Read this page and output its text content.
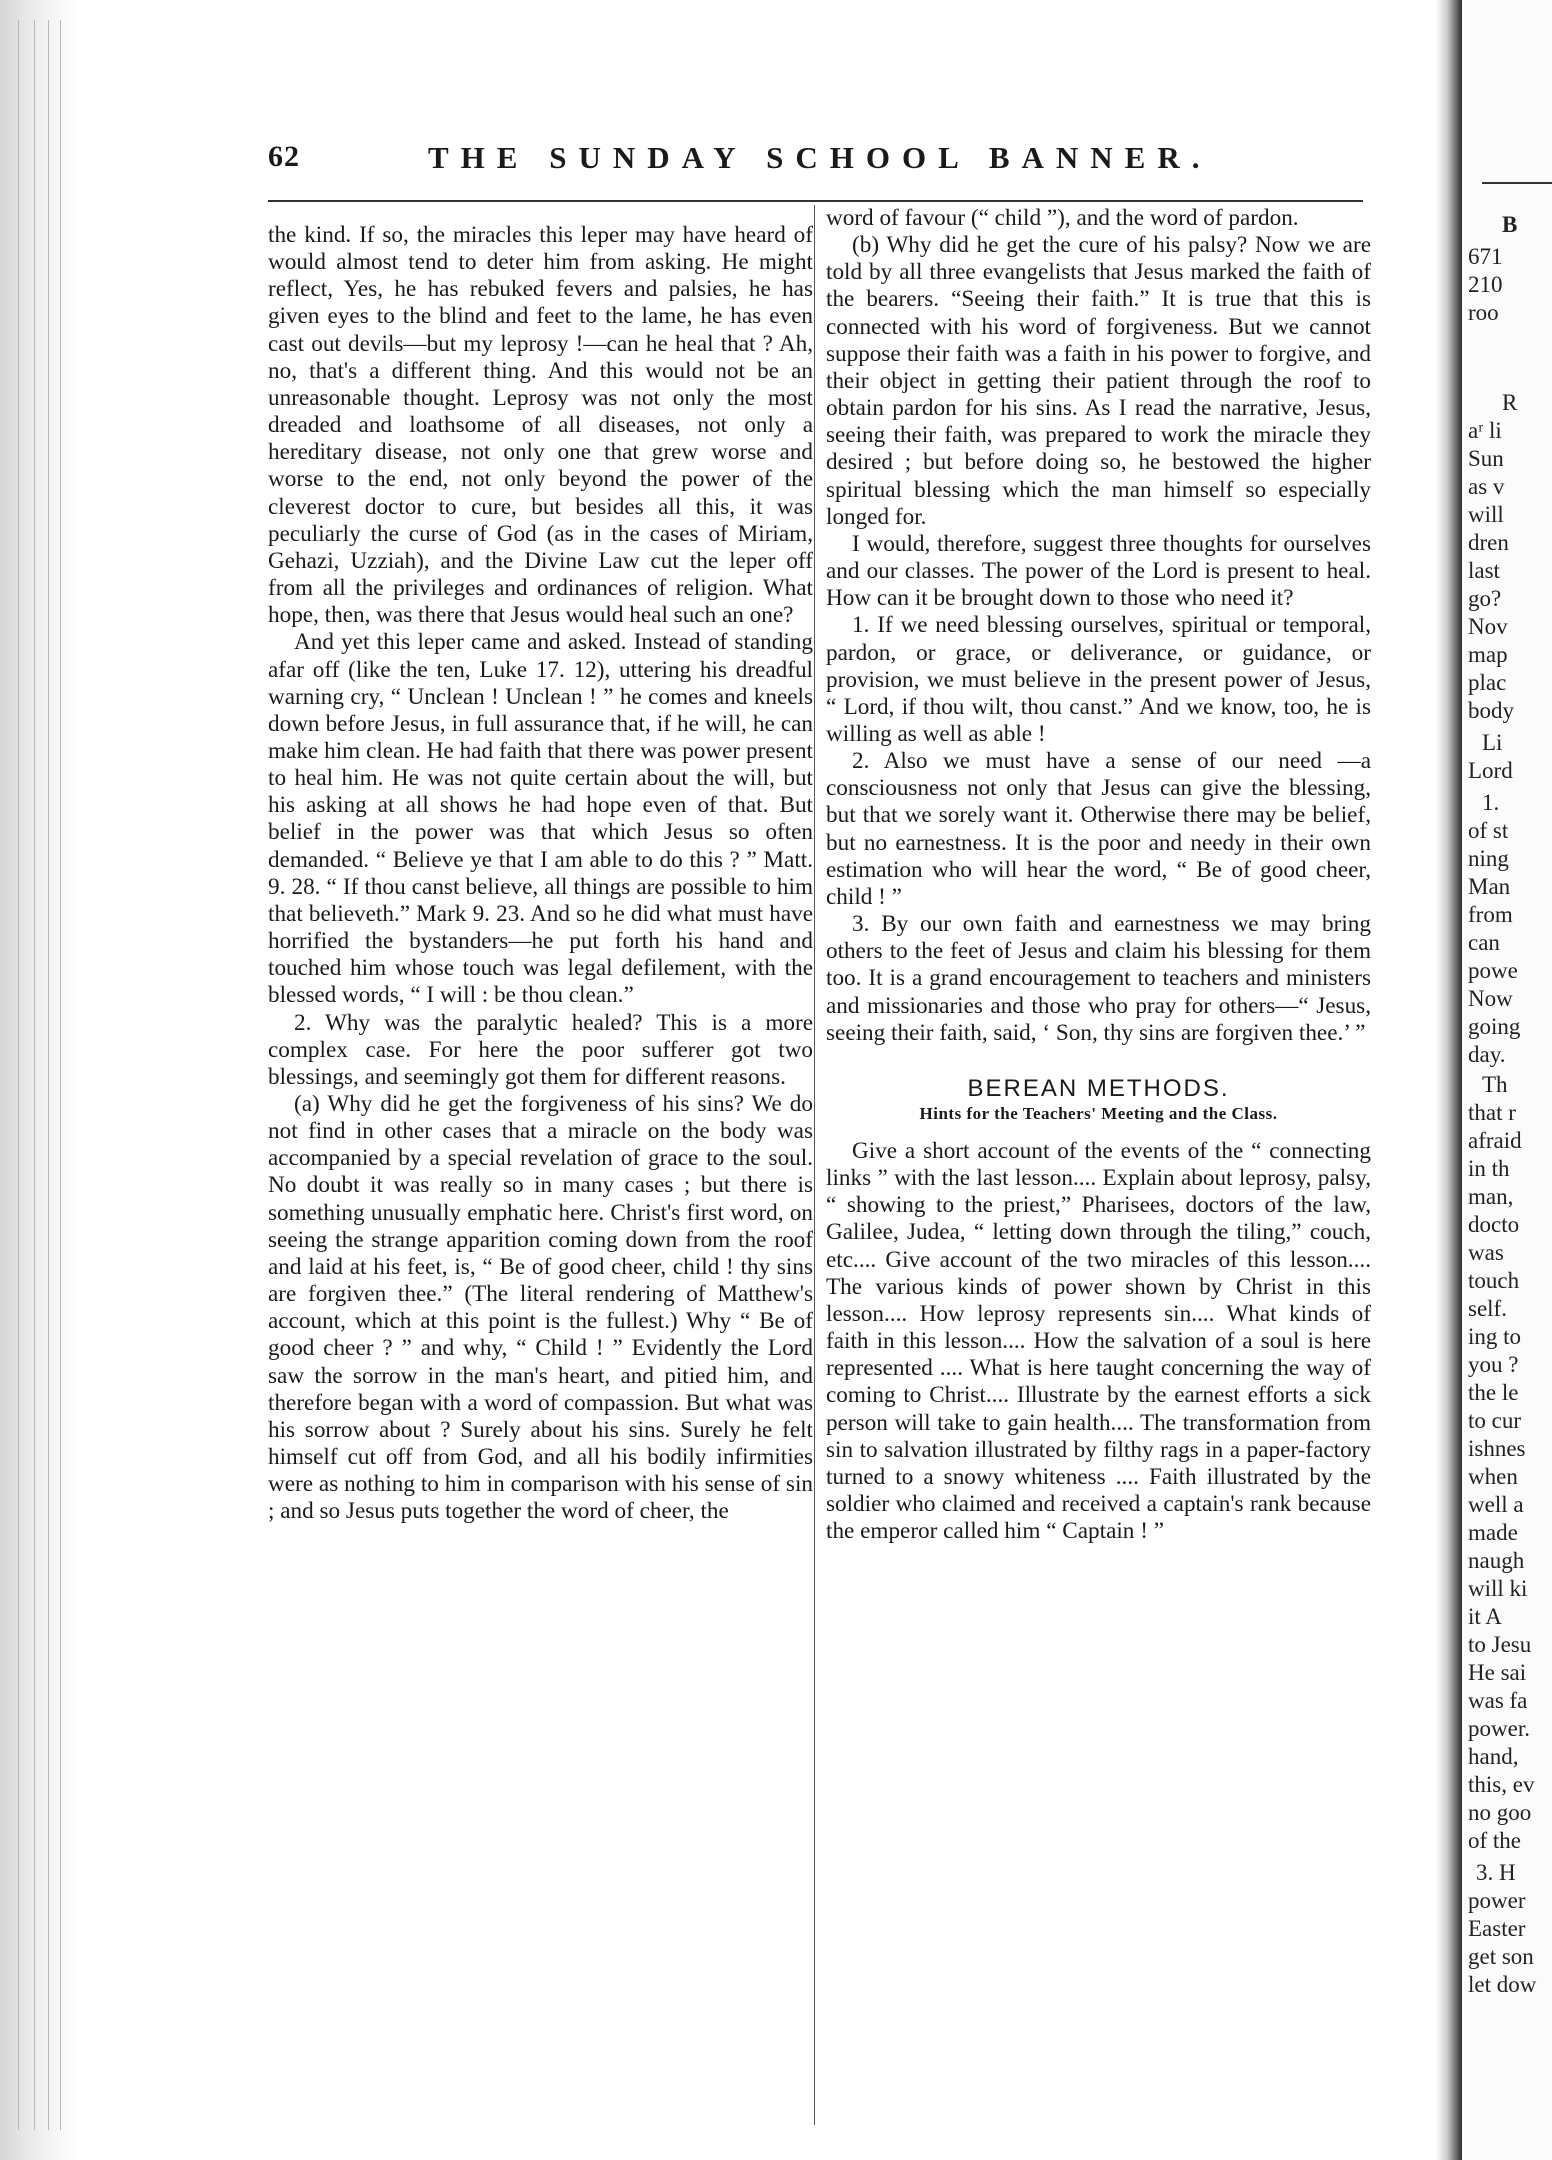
62	THE SUNDAY SCHOOL BANNER.

the kind. If so, the miracles this leper may have heard of would almost tend to deter him from asking. He might reflect, Yes, he has rebuked fevers and palsies, he has given eyes to the blind and feet to the lame, he has even cast out devils—but my leprosy !—can he heal that ? Ah, no, that's a different thing. And this would not be an unreasonable thought. Leprosy was not only the most dreaded and loathsome of all diseases, not only a hereditary disease, not only one that grew worse and worse to the end, not only beyond the power of the cleverest doctor to cure, but besides all this, it was peculiarly the curse of God (as in the cases of Miriam, Gehazi, Uzziah), and the Divine Law cut the leper off from all the privileges and ordinances of religion. What hope, then, was there that Jesus would heal such an one?

And yet this leper came and asked. Instead of standing afar off (like the ten, Luke 17. 12), uttering his dreadful warning cry, “ Unclean ! Unclean ! ” he comes and kneels down before Jesus, in full assurance that, if he will, he can make him clean. He had faith that there was power present to heal him. He was not quite certain about the will, but his asking at all shows he had hope even of that. But belief in the power was that which Jesus so often demanded. “ Believe ye that I am able to do this ? ” Matt. 9. 28. “ If thou canst believe, all things are possible to him that believeth.” Mark 9. 23. And so he did what must have horrified the bystanders—he put forth his hand and touched him whose touch was legal defilement, with the blessed words, “ I will : be thou clean.”

2. Why was the paralytic healed? This is a more complex case. For here the poor sufferer got two blessings, and seemingly got them for different reasons.

(a) Why did he get the forgiveness of his sins? We do not find in other cases that a miracle on the body was accompanied by a special revelation of grace to the soul. No doubt it was really so in many cases ; but there is something unusually emphatic here. Christ's first word, on seeing the strange apparition coming down from the roof and laid at his feet, is, “ Be of good cheer, child ! thy sins are forgiven thee.” (The literal rendering of Matthew's account, which at this point is the fullest.) Why “ Be of good cheer ? ” and why, “ Child ! ” Evidently the Lord saw the sorrow in the man's heart, and pitied him, and therefore began with a word of compassion. But what was his sorrow about ? Surely about his sins. Surely he felt himself cut off from God, and all his bodily infirmities were as nothing to him in comparison with his sense of sin ; and so Jesus puts together the word of cheer, the

word of favour (“ child ”), and the word of pardon.

(b) Why did he get the cure of his palsy? Now we are told by all three evangelists that Jesus marked the faith of the bearers. “Seeing their faith.” It is true that this is connected with his word of forgiveness. But we cannot suppose their faith was a faith in his power to forgive, and their object in getting their patient through the roof to obtain pardon for his sins. As I read the narrative, Jesus, seeing their faith, was prepared to work the miracle they desired ; but before doing so, he bestowed the higher spiritual blessing which the man himself so especially longed for.

I would, therefore, suggest three thoughts for ourselves and our classes. The power of the Lord is present to heal. How can it be brought down to those who need it?

1. If we need blessing ourselves, spiritual or temporal, pardon, or grace, or deliverance, or guidance, or provision, we must believe in the present power of Jesus, “ Lord, if thou wilt, thou canst.” And we know, too, he is willing as well as able !

2. Also we must have a sense of our need —a consciousness not only that Jesus can give the blessing, but that we sorely want it. Otherwise there may be belief, but no earnestness. It is the poor and needy in their own estimation who will hear the word, “ Be of good cheer, child ! ”

3. By our own faith and earnestness we may bring others to the feet of Jesus and claim his blessing for them too. It is a grand encouragement to teachers and ministers and missionaries and those who pray for others—“ Jesus, seeing their faith, said, ‘ Son, thy sins are forgiven thee.’ ”

BEREAN METHODS.
Hints for the Teachers' Meeting and the Class.

Give a short account of the events of the “ connecting links ” with the last lesson.... Explain about leprosy, palsy, “ showing to the priest,” Pharisees, doctors of the law, Galilee, Judea, “ letting down through the tiling,” couch, etc.... Give account of the two miracles of this lesson.... The various kinds of power shown by Christ in this lesson.... How leprosy represents sin.... What kinds of faith in this lesson.... How the salvation of a soul is here represented .... What is here taught concerning the way of coming to Christ.... Illustrate by the earnest efforts a sick person will take to gain health.... The transformation from sin to salvation illustrated by filthy rags in a paper-factory turned to a snowy whiteness .... Faith illustrated by the soldier who claimed and received a captain's rank because the emperor called him “ Captain ! ”

B
671
210
roo
R
aʳ li
Sun
as v
will
dren
last
go?
Nov
map
plac
body
Li
Lord
1.
of st
ning
Man
from
can
powe
Now
going
day.
Th
that r
afraid
in th
man,
docto
was
touch
self.
ing to
you ?
the le
to cur
ishnes
when
well a
made
naugh
will ki
it A
to Jesu
He sai
was fa
power.
hand,
this, ev
no goo
of the
3. H
power
Easter
get son
let dow
